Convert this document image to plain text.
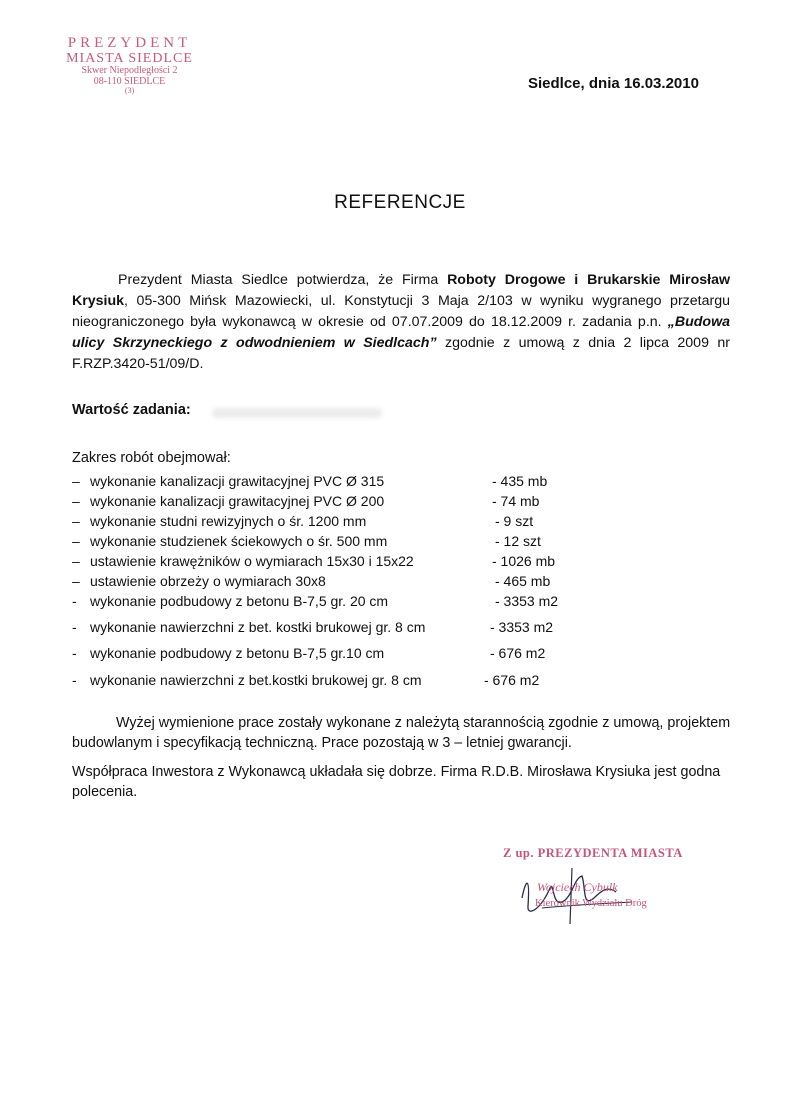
PREZYDENT
MIASTA SIEDLCE
Skwer Niepodległości 2
08-110 SIEDLCE
(3)	Siedlce, dnia 16.03.2010
REFERENCJE
Prezydent Miasta Siedlce potwierdza, że Firma Roboty Drogowe i Brukarskie Mirosław Krysiuk, 05-300 Mińsk Mazowiecki, ul. Konstytucji 3 Maja 2/103 w wyniku wygranego przetargu nieograniczonego była wykonawcą w okresie od 07.07.2009 do 18.12.2009 r. zadania p.n. „Budowa ulicy Skrzyneckiego z odwodnieniem w Siedlcach” zgodnie z umową z dnia 2 lipca 2009 nr F.RZP.3420-51/09/D.
Wartość zadania:
Zakres robót obejmował:
– wykonanie kanalizacji grawitacyjnej PVC Ø 315	- 435 mb
– wykonanie kanalizacji grawitacyjnej PVC Ø 200	- 74 mb
– wykonanie studni rewizyjnych o śr. 1200 mm	- 9 szt
– wykonanie studzienek ściekowych o śr. 500 mm	- 12 szt
– ustawienie krawężników o wymiarach 15x30 i 15x22	- 1026 mb
– ustawienie obrzeży o wymiarach 30x8	- 465 mb
- wykonanie podbudowy z betonu B-7,5 gr. 20 cm	- 3353 m2
- wykonanie nawierzchni z bet. kostki brukowej gr. 8 cm	- 3353 m2
- wykonanie podbudowy z betonu B-7,5 gr.10 cm	- 676 m2
- wykonanie nawierzchni z bet.kostki brukowej gr. 8 cm	- 676 m2

Wyżej wymienione prace zostały wykonane z należytą starannością zgodnie z umową, projektem budowlanym i specyfikacją techniczną. Prace pozostają w 3 – letniej gwarancji.

Współpraca Inwestora z Wykonawcą układała się dobrze. Firma R.D.B. Mirosława Krysiuka jest godna polecenia.

Z up. PREZYDENTA MIASTA
Wojciech Cybulk
Kierownik Wydziału Dróg
